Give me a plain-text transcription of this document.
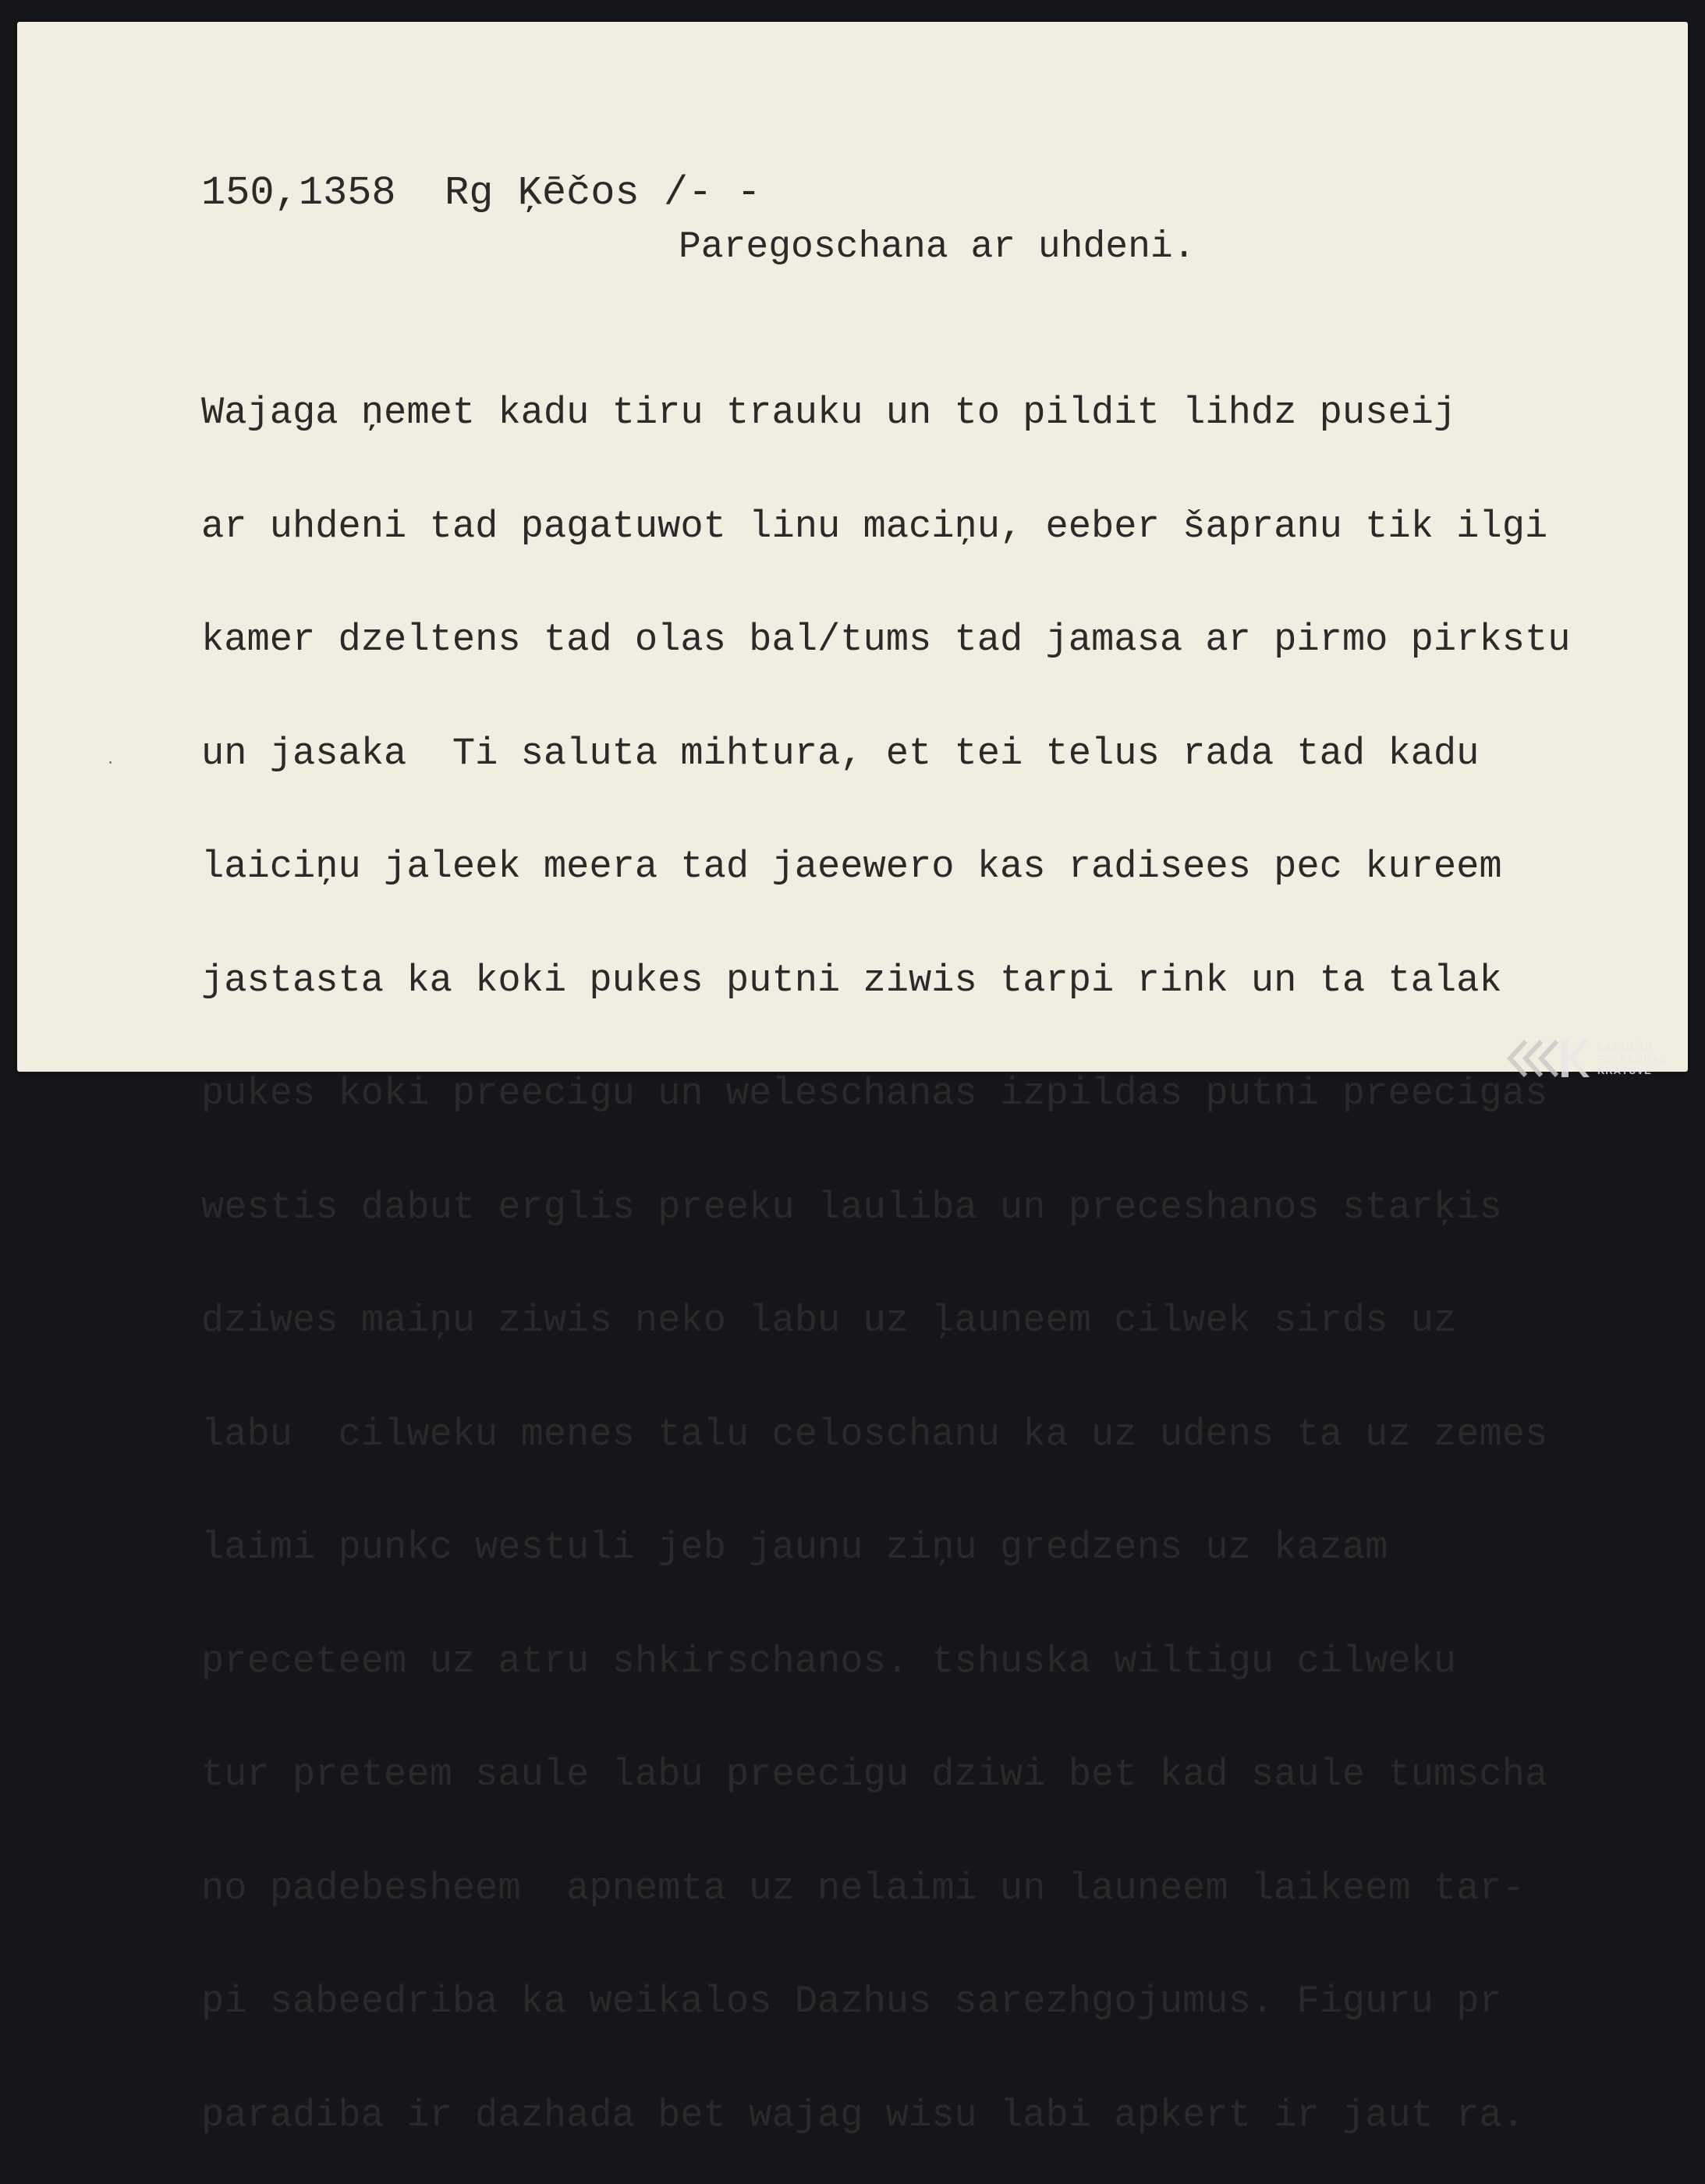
150,1358  Rg Ķēčos /- -
Paregoschana ar uhdeni.

Wajaga ņemet kadu tiru trauku un to pildit lihdz puseij

ar uhdeni tad pagatuwot linu maciņu, eeber šapranu tik ilgi

kamer dzeltens tad olas bal/tums tad jamasa ar pirmo pirkstu

un jasaka  Ti saluta mihtura, et tei telus rada tad kadu

laiciņu jaleek meera tad jaeewero kas radisees pec kureem

jastasta ka koki pukes putni ziwis tarpi rink un ta talak

pukes koki preecigu un weleschanas izpildas putni preecigas

westis dabut erglis preeku lauliba un preceshanos starķis

dziwes maiņu ziwis neko labu uz ļauneem cilwek sirds uz

labu  cilweku menes talu celoschanu ka uz udens ta uz zemes

laimi punkc westuli jeb jaunu ziņu gredzens uz kazam

preceteem uz atru shkirschanos. tshuska wiltigu cilweku

tur preteem saule labu preecigu dziwi bet kad saule tumscha

no padebesheem  apnemta uz nelaimi un launeem laikeem tar-

pi sabeedriba ka weikalos Dazhus sarezhgojumus. Figuru pr

paradiba ir dazhada bet wajag wisu labi apkert ir jaut ra.

LATVIEŠU
FOLKLORAS
KRĀTUVE
